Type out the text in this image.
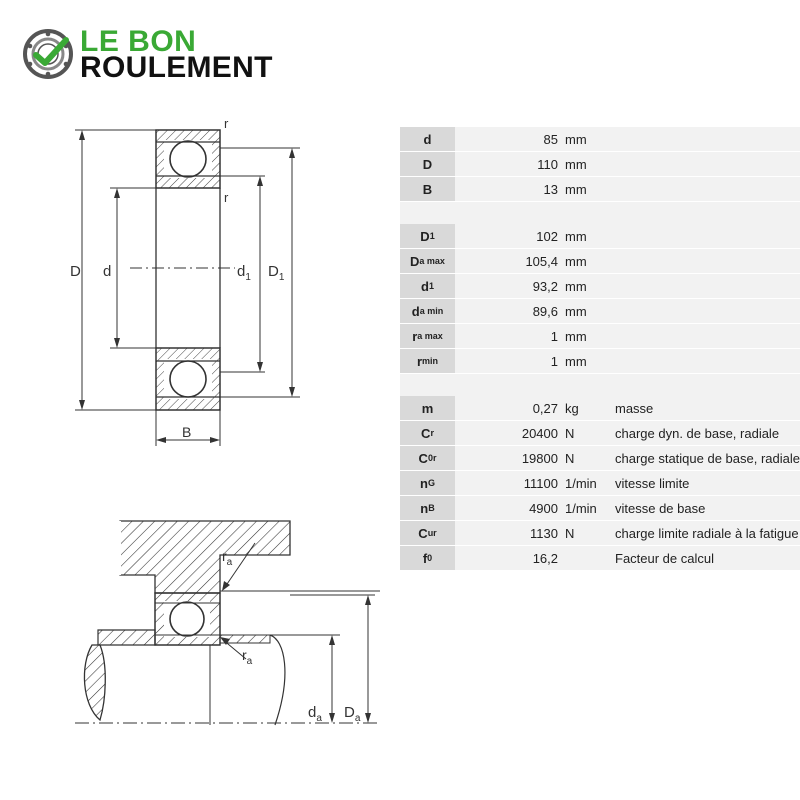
LE BON
ROULEMENT
D d	$d_1$ $D_1$
B
r
r
$r_a$
$r_a$
$d_a$ $D_a$
d	85 mm
D	110 mm
B	13 mm
D 1	102 mm
D a max	105,4 mm
d 1	93,2 mm
d a min	89,6 mm
r a max	1 mm
r min	1 mm
m	0,27 kg	masse
C r	20400 N	charge dyn. de base, radiale
C 0r	19800 N	charge statique de base, radiale
n G	11100 1/min	vitesse limite
n B	4900 1/min	vitesse de base
C ur	1130 N	charge limite radiale à la fatigue
f 0	16,2	Facteur de calcul
